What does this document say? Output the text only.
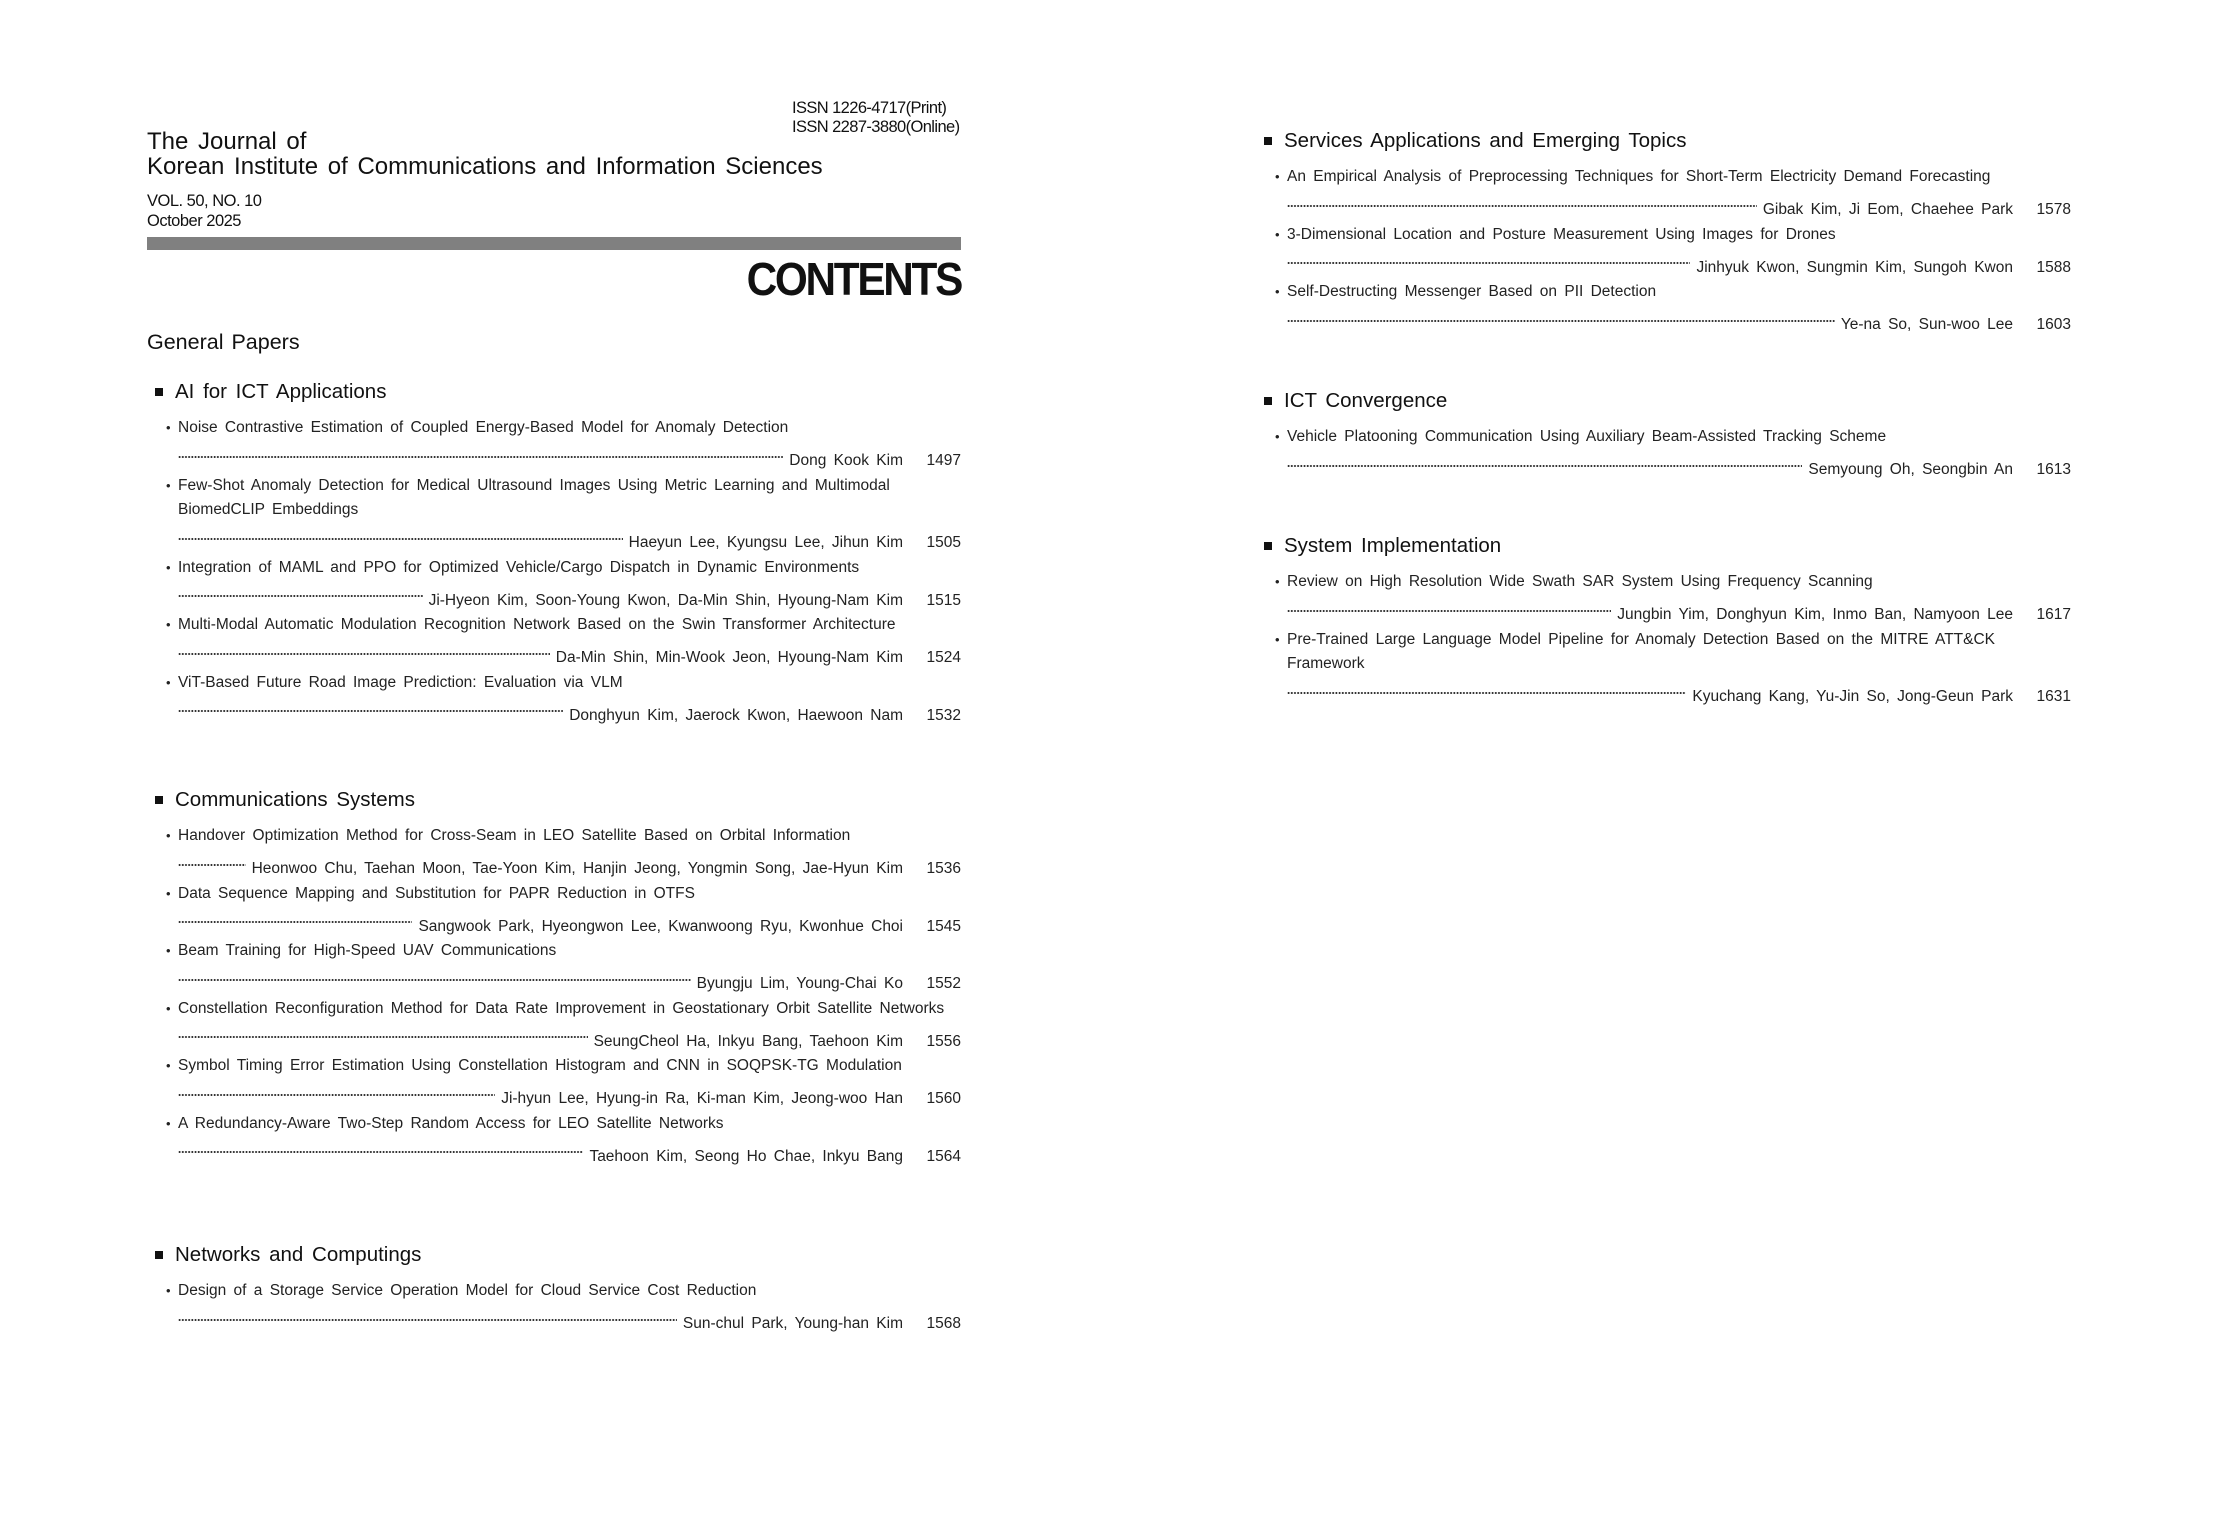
ISSN 1226-4717(Print)
ISSN 2287-3880(Online)
The Journal of
Korean Institute of Communications and Information Sciences
VOL. 50, NO. 10
October 2025
CONTENTS
General Papers
AI for ICT Applications
• Noise Contrastive Estimation of Coupled Energy-Based Model for Anomaly Detection
Dong Kook Kim	1497
• Few-Shot Anomaly Detection for Medical Ultrasound Images Using Metric Learning and Multimodal BiomedCLIP Embeddings
Haeyun Lee, Kyungsu Lee, Jihun Kim	1505
• Integration of MAML and PPO for Optimized Vehicle/Cargo Dispatch in Dynamic Environments
Ji-Hyeon Kim, Soon-Young Kwon, Da-Min Shin, Hyoung-Nam Kim	1515
• Multi-Modal Automatic Modulation Recognition Network Based on the Swin Transformer Architecture
Da-Min Shin, Min-Wook Jeon, Hyoung-Nam Kim	1524
• ViT-Based Future Road Image Prediction: Evaluation via VLM
Donghyun Kim, Jaerock Kwon, Haewoon Nam	1532
Communications Systems
• Handover Optimization Method for Cross-Seam in LEO Satellite Based on Orbital Information
Heonwoo Chu, Taehan Moon, Tae-Yoon Kim, Hanjin Jeong, Yongmin Song, Jae-Hyun Kim	1536
• Data Sequence Mapping and Substitution for PAPR Reduction in OTFS
Sangwook Park, Hyeongwon Lee, Kwanwoong Ryu, Kwonhue Choi	1545
• Beam Training for High-Speed UAV Communications
Byungju Lim, Young-Chai Ko	1552
• Constellation Reconfiguration Method for Data Rate Improvement in Geostationary Orbit Satellite Networks
SeungCheol Ha, Inkyu Bang, Taehoon Kim	1556
• Symbol Timing Error Estimation Using Constellation Histogram and CNN in SOQPSK-TG Modulation
Ji-hyun Lee, Hyung-in Ra, Ki-man Kim, Jeong-woo Han	1560
• A Redundancy-Aware Two-Step Random Access for LEO Satellite Networks
Taehoon Kim, Seong Ho Chae, Inkyu Bang	1564
Networks and Computings
• Design of a Storage Service Operation Model for Cloud Service Cost Reduction
Sun-chul Park, Young-han Kim	1568
Services Applications and Emerging Topics
• An Empirical Analysis of Preprocessing Techniques for Short-Term Electricity Demand Forecasting
Gibak Kim, Ji Eom, Chaehee Park	1578
• 3-Dimensional Location and Posture Measurement Using Images for Drones
Jinhyuk Kwon, Sungmin Kim, Sungoh Kwon	1588
• Self-Destructing Messenger Based on PII Detection
Ye-na So, Sun-woo Lee	1603
ICT Convergence
• Vehicle Platooning Communication Using Auxiliary Beam-Assisted Tracking Scheme
Semyoung Oh, Seongbin An	1613
System Implementation
• Review on High Resolution Wide Swath SAR System Using Frequency Scanning
Jungbin Yim, Donghyun Kim, Inmo Ban, Namyoon Lee	1617
• Pre-Trained Large Language Model Pipeline for Anomaly Detection Based on the MITRE ATT&CK Framework
Kyuchang Kang, Yu-Jin So, Jong-Geun Park	1631
